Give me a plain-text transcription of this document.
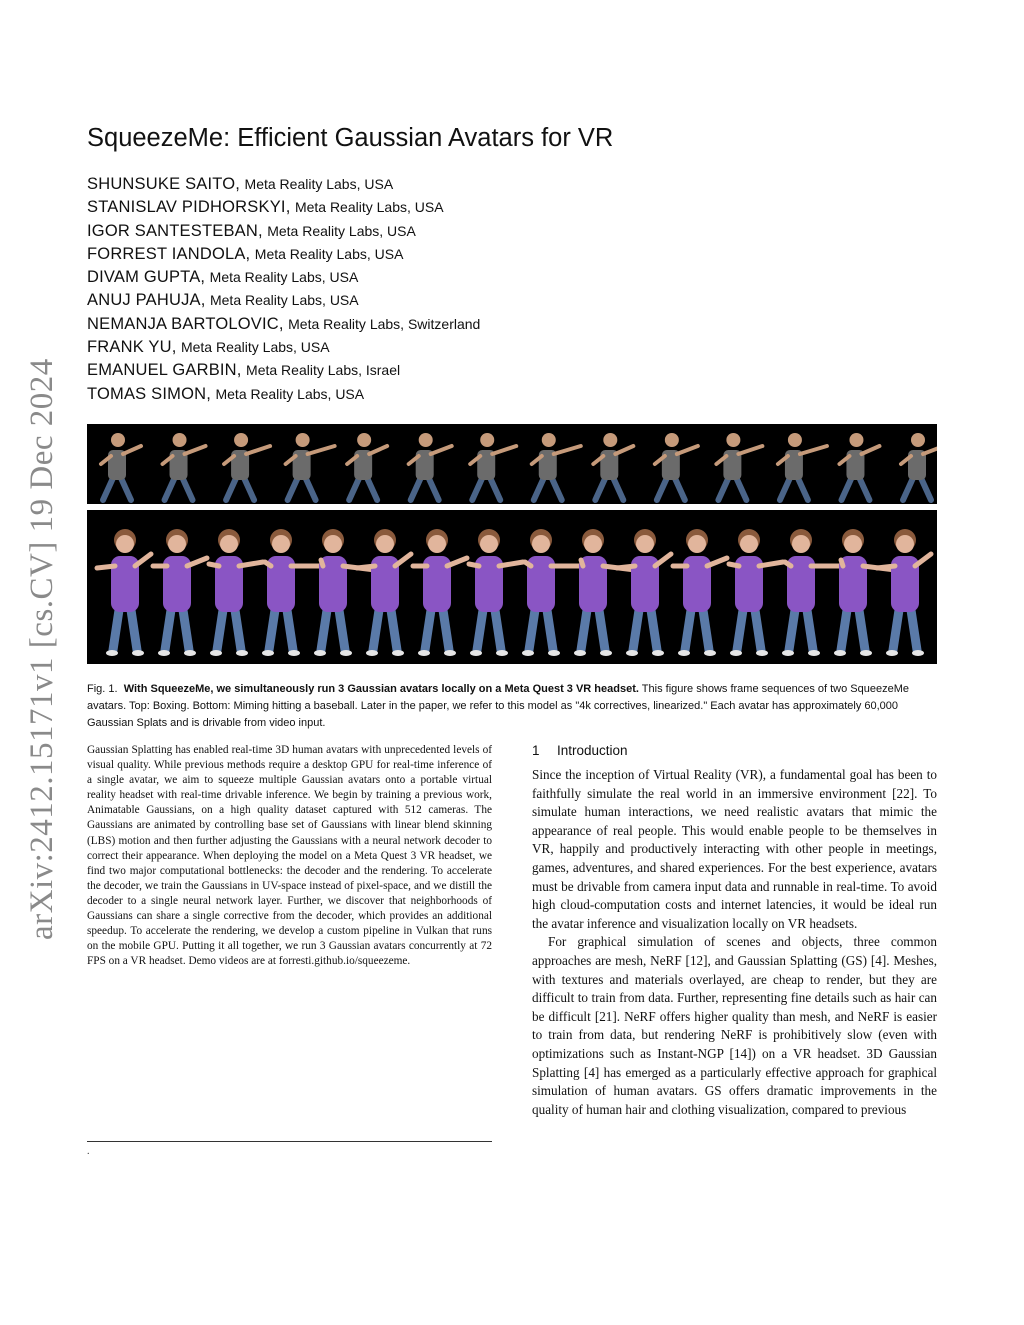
arXiv:2412.15171v1 [cs.CV] 19 Dec 2024
SqueezeMe: Efficient Gaussian Avatars for VR
SHUNSUKE SAITO, Meta Reality Labs, USA
STANISLAV PIDHORSKYI, Meta Reality Labs, USA
IGOR SANTESTEBAN, Meta Reality Labs, USA
FORREST IANDOLA, Meta Reality Labs, USA
DIVAM GUPTA, Meta Reality Labs, USA
ANUJ PAHUJA, Meta Reality Labs, USA
NEMANJA BARTOLOVIC, Meta Reality Labs, Switzerland
FRANK YU, Meta Reality Labs, USA
EMANUEL GARBIN, Meta Reality Labs, Israel
TOMAS SIMON, Meta Reality Labs, USA
Fig. 1. With SqueezeMe, we simultaneously run 3 Gaussian avatars locally on a Meta Quest 3 VR headset. This figure shows frame sequences of two SqueezeMe avatars. Top: Boxing. Bottom: Miming hitting a baseball. Later in the paper, we refer to this model as "4k correctives, linearized." Each avatar has approximately 60,000 Gaussian Splats and is drivable from video input.
Gaussian Splatting has enabled real-time 3D human avatars with unprecedented levels of visual quality. While previous methods require a desktop GPU for real-time inference of a single avatar, we aim to squeeze multiple Gaussian avatars onto a portable virtual reality headset with real-time drivable inference. We begin by training a previous work, Animatable Gaussians, on a high quality dataset captured with 512 cameras. The Gaussians are animated by controlling base set of Gaussians with linear blend skinning (LBS) motion and then further adjusting the Gaussians with a neural network decoder to correct their appearance. When deploying the model on a Meta Quest 3 VR headset, we find two major computational bottlenecks: the decoder and the rendering. To accelerate the decoder, we train the Gaussians in UV-space instead of pixel-space, and we distill the decoder to a single neural network layer. Further, we discover that neighborhoods of Gaussians can share a single corrective from the decoder, which provides an additional speedup. To accelerate the rendering, we develop a custom pipeline in Vulkan that runs on the mobile GPU. Putting it all together, we run 3 Gaussian avatars concurrently at 72 FPS on a VR headset. Demo videos are at forresti.github.io/squeezeme.
.
1 Introduction

Since the inception of Virtual Reality (VR), a fundamental goal has been to faithfully simulate the real world in an immersive environment [22]. To simulate human interactions, we need realistic avatars that mimic the appearance of real people. This would enable people to be themselves in VR, happily and productively interacting with other people in meetings, games, adventures, and shared experiences. For the best experience, avatars must be drivable from camera input data and runnable in real-time. To avoid high cloud-computation costs and internet latencies, it would be ideal run the avatar inference and visualization locally on VR headsets.

For graphical simulation of scenes and objects, three common approaches are mesh, NeRF [12], and Gaussian Splatting (GS) [4]. Meshes, with textures and materials overlayed, are cheap to render, but they are difficult to train from data. Further, representing fine details such as hair can be difficult [21]. NeRF offers higher quality than mesh, and NeRF is easier to train from data, but rendering NeRF is prohibitively slow (even with optimizations such as Instant-NGP [14]) on a VR headset. 3D Gaussian Splatting [4] has emerged as a particularly effective approach for graphical simulation of human avatars. GS offers dramatic improvements in the quality of human hair and clothing visualization, compared to previous
